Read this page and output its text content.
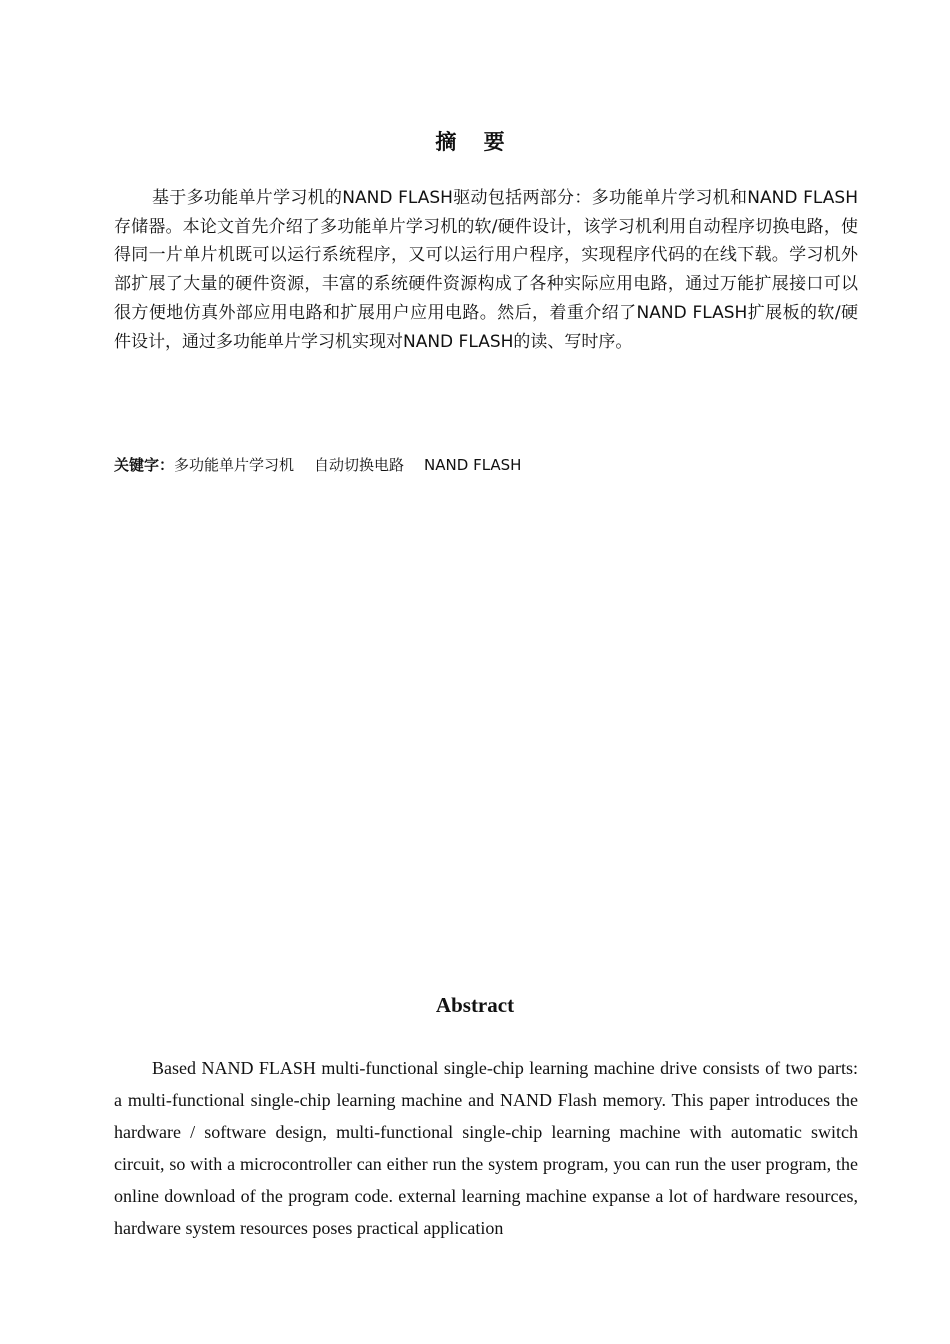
摘 要

基于多功能单片学习机的NAND FLASH驱动包括两部分：多功能单片学习机和NAND FLASH存储器。本论文首先介绍了多功能单片学习机的软/硬件设计，该学习机利用自动程序切换电路，使得同一片单片机既可以运行系统程序，又可以运行用户程序，实现程序代码的在线下载。学习机外部扩展了大量的硬件资源，丰富的系统硬件资源构成了各种实际应用电路，通过万能扩展接口可以很方便地仿真外部应用电路和扩展用户应用电路。然后，着重介绍了NAND FLASH扩展板的软/硬件设计，通过多功能单片学习机实现对NAND FLASH的读、写时序。

关键字：多功能单片学习机 自动切换电路 NAND FLASH
Abstract

Based NAND FLASH multi-functional single-chip learning machine drive consists of two parts: a multi-functional single-chip learning machine and NAND Flash memory. This paper introduces the hardware / software design, multi-functional single-chip learning machine with automatic switch circuit, so with a microcontroller can either run the system program, you can run the user program, the online download of the program code. external learning machine expanse a lot of hardware resources, hardware system resources poses practical application
